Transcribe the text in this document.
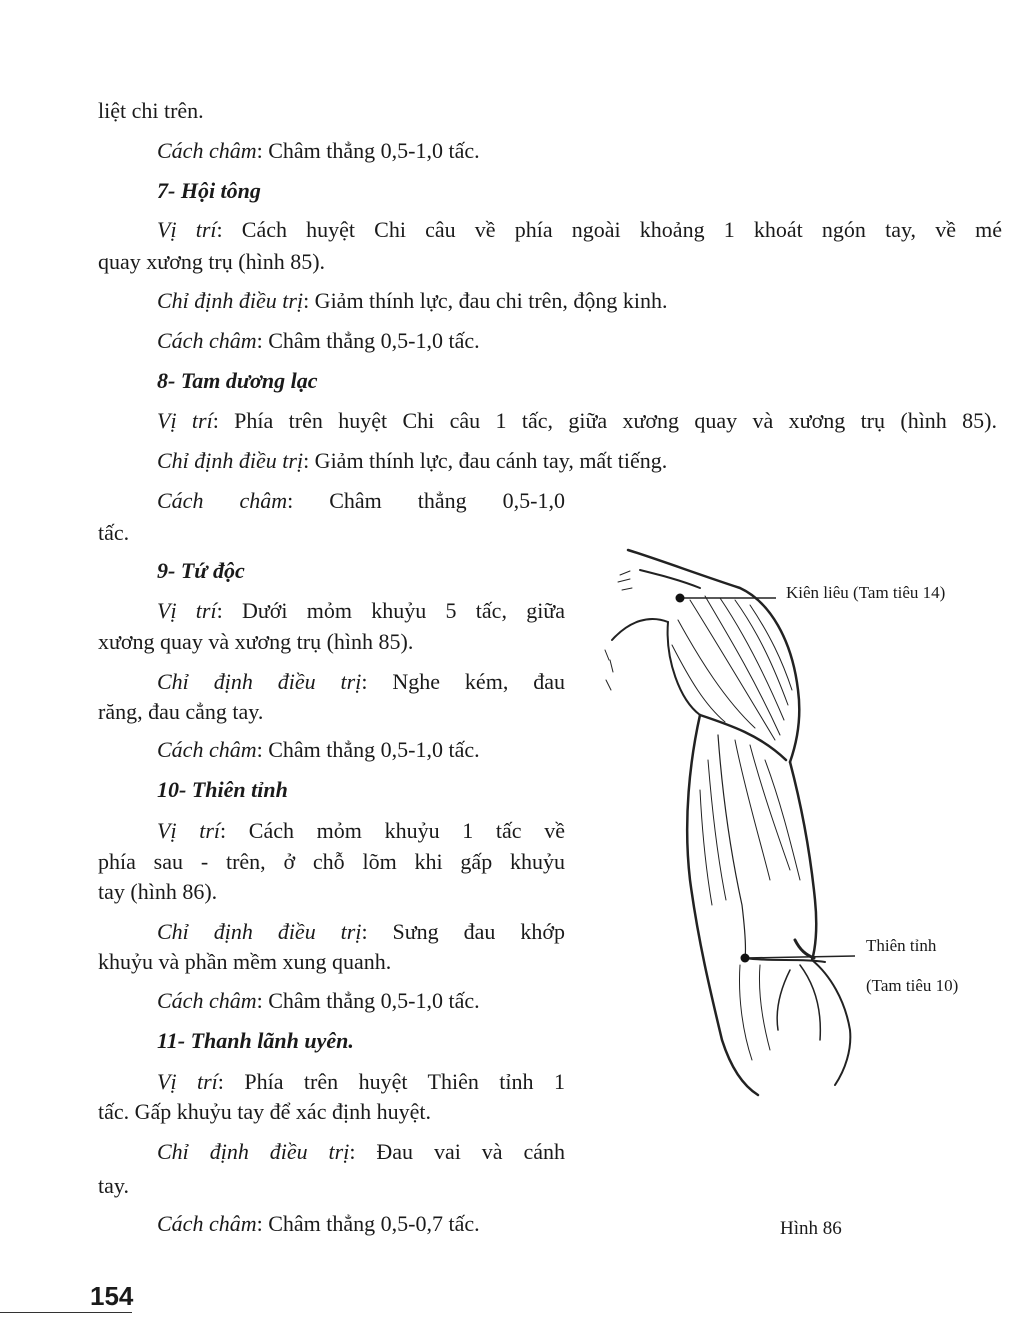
liệt chi trên.
Cách châm: Châm thẳng 0,5-1,0 tấc.
7- Hội tông
Vị trí: Cách huyệt Chi câu về phía ngoài khoảng 1 khoát ngón tay, về mé
quay xương trụ (hình 85).
Chỉ định điều trị: Giảm thính lực, đau chi trên, động kinh.
Cách châm: Châm thẳng 0,5-1,0 tấc.
8- Tam dương lạc
Vị trí: Phía trên huyệt Chi câu 1 tấc, giữa xương quay và xương trụ (hình 85).
Chỉ định điều trị: Giảm thính lực, đau cánh tay, mất tiếng.
Cách châm: Châm thẳng 0,5-1,0
tấc.
9- Tứ độc
Vị trí: Dưới mỏm khuỷu 5 tấc, giữa
xương quay và xương trụ (hình 85).
Chỉ định điều trị: Nghe kém, đau
răng, đau cẳng tay.
Cách châm: Châm thẳng 0,5-1,0 tấc.
10- Thiên tỉnh
Vị trí: Cách mỏm khuỷu 1 tấc về
phía sau - trên, ở chỗ lõm khi gấp khuỷu
tay (hình 86).
Chỉ định điều trị: Sưng đau khớp
khuỷu và phần mềm xung quanh.
Cách châm: Châm thẳng 0,5-1,0 tấc.
11- Thanh lãnh uyên.
Vị trí: Phía trên huyệt Thiên tỉnh 1
tấc. Gấp khuỷu tay để xác định huyệt.
Chỉ định điều trị: Đau vai và cánh
tay.
Cách châm: Châm thẳng 0,5-0,7 tấc.
Kiên liêu (Tam tiêu 14)
Thiên tỉnh
(Tam tiêu 10)
Hình 86
154
